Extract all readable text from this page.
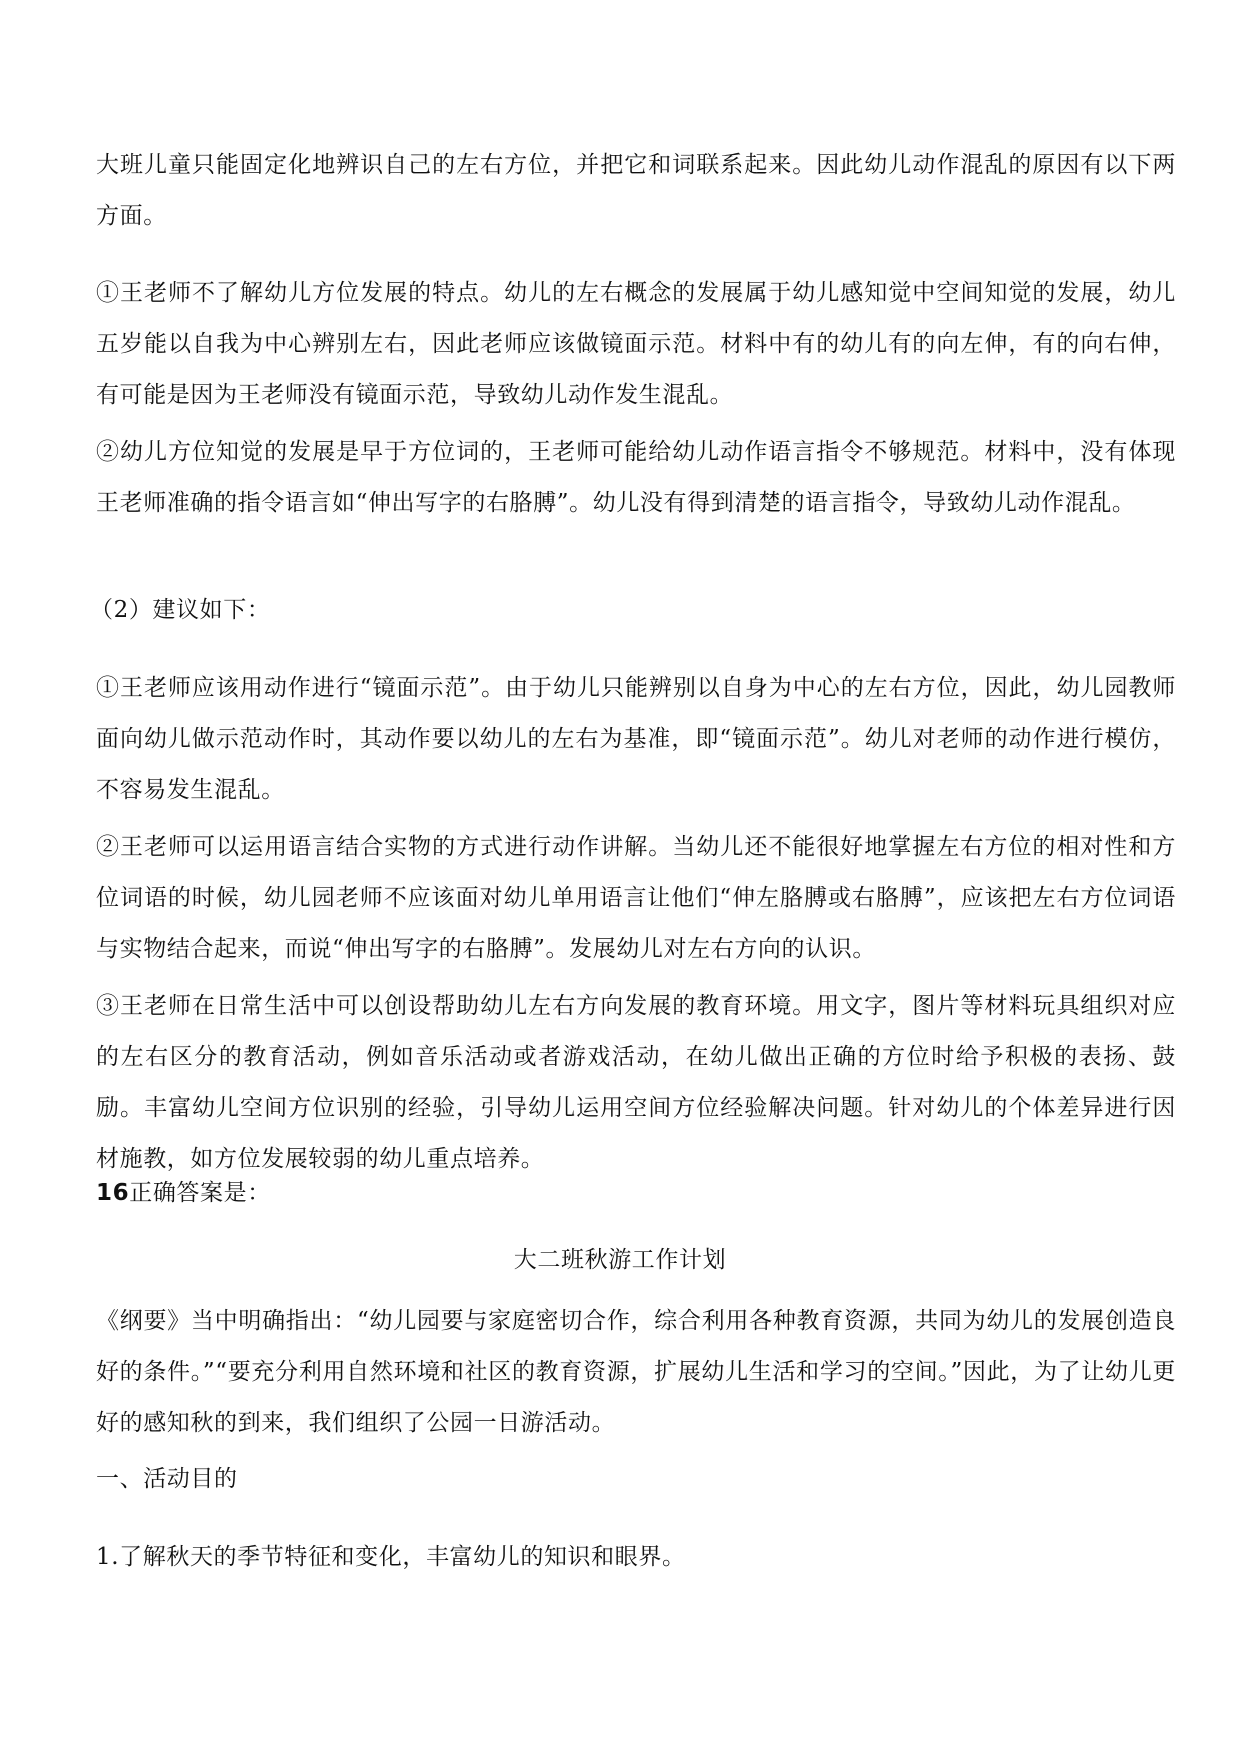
大班儿童只能固定化地辨识自己的左右方位，并把它和词联系起来。因此幼儿动作混乱的原因有以下两方面。

①王老师不了解幼儿方位发展的特点。幼儿的左右概念的发展属于幼儿感知觉中空间知觉的发展，幼儿五岁能以自我为中心辨别左右，因此老师应该做镜面示范。材料中有的幼儿有的向左伸，有的向右伸，有可能是因为王老师没有镜面示范，导致幼儿动作发生混乱。

②幼儿方位知觉的发展是早于方位词的，王老师可能给幼儿动作语言指令不够规范。材料中，没有体现王老师准确的指令语言如“伸出写字的右胳膊”。幼儿没有得到清楚的语言指令，导致幼儿动作混乱。

（2）建议如下：

①王老师应该用动作进行“镜面示范”。由于幼儿只能辨别以自身为中心的左右方位，因此，幼儿园教师面向幼儿做示范动作时，其动作要以幼儿的左右为基准，即“镜面示范”。幼儿对老师的动作进行模仿，不容易发生混乱。

②王老师可以运用语言结合实物的方式进行动作讲解。当幼儿还不能很好地掌握左右方位的相对性和方位词语的时候，幼儿园老师不应该面对幼儿单用语言让他们“伸左胳膊或右胳膊”，应该把左右方位词语与实物结合起来，而说“伸出写字的右胳膊”。发展幼儿对左右方向的认识。

③王老师在日常生活中可以创设帮助幼儿左右方向发展的教育环境。用文字，图片等材料玩具组织对应的左右区分的教育活动，例如音乐活动或者游戏活动，在幼儿做出正确的方位时给予积极的表扬、鼓励。丰富幼儿空间方位识别的经验，引导幼儿运用空间方位经验解决问题。针对幼儿的个体差异进行因材施教，如方位发展较弱的幼儿重点培养。

16正确答案是：

大二班秋游工作计划

《纲要》当中明确指出：“幼儿园要与家庭密切合作，综合利用各种教育资源，共同为幼儿的发展创造良好的条件。”“要充分利用自然环境和社区的教育资源，扩展幼儿生活和学习的空间。”因此，为了让幼儿更好的感知秋的到来，我们组织了公园一日游活动。

一、活动目的

1.了解秋天的季节特征和变化，丰富幼儿的知识和眼界。
